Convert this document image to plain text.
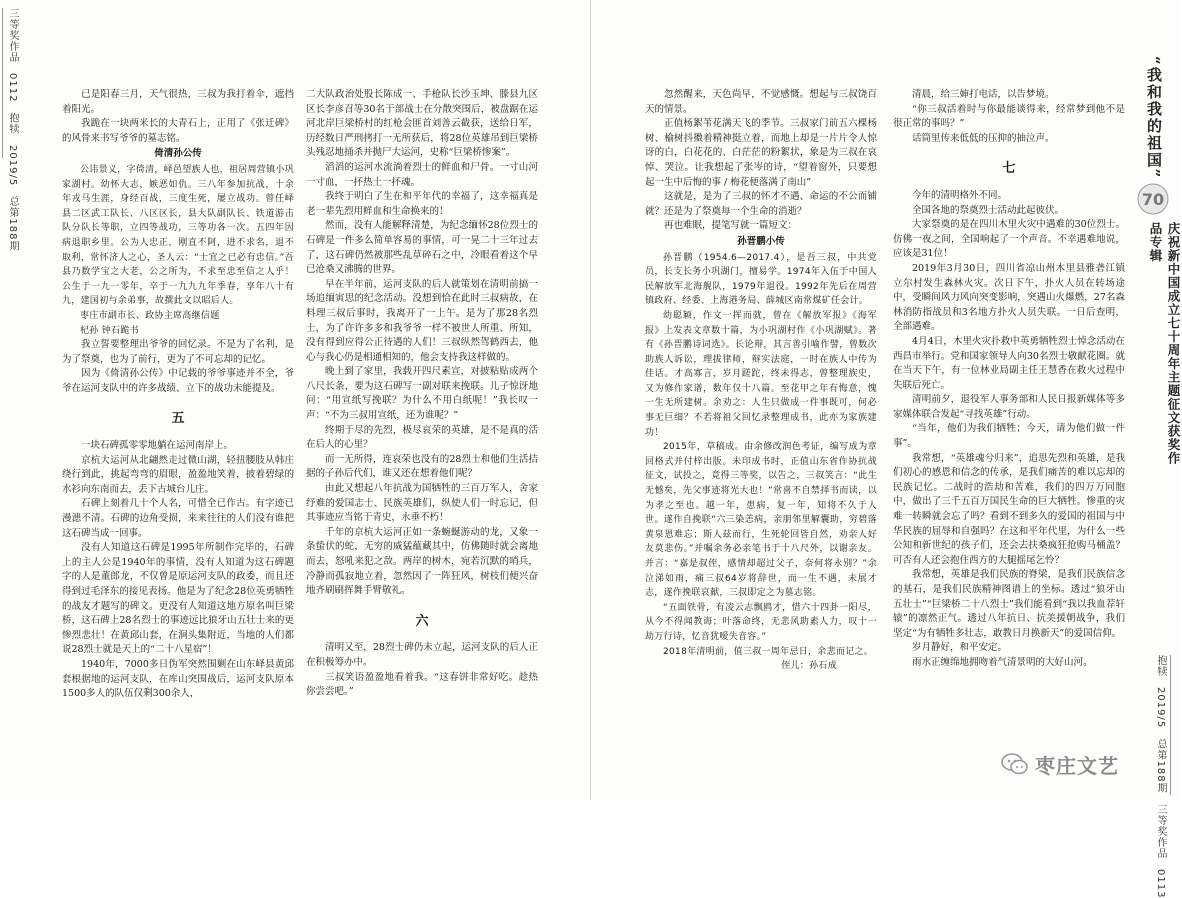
三等奖作品 0112 抱犊 2019/5 总第188期

已是阳春三月，天气很热，三叔为我打着伞，遮挡着阳光。

我跪在一块两米长的大青石上，正用了《张迁碑》的风骨来书写爷爷的墓志铭。

倚清孙公传

公讳景义，字倚清，峄邑望族人也，祖居周营镇小巩家湖村。幼怀大志，嫉恶如仇。三八年参加抗战，十余年戎马生涯，身经百战，三度生死，屡立战功。曾任峄县二区武工队长、八区区长，县大队副队长、铁道游击队分队长等职，立四等战功，三等功各一次。五四年因病退职乡里。公为人忠正，刚直不阿，进不求名，退不取利，常怀济人之心，圣人云：“士宜之已必有忠信。”吾县乃数学宝之大老，公之所为，不求至忠至信之人乎！公生于一九一零年，卒于一九九九年季春，享年八十有九，建国初与余弟事，故撰此文以昭后人。

枣庄市副市长、政协主席高继信题

杞孙 钟石跪书

我立誓要整理出爷爷的回忆录。不是为了名利，是为了祭奠，也为了前行，更为了不可忘却的记忆。

因为《倚清孙公传》中记载的爷爷事迹并不全，爷爷在运河支队中的许多战绩、立下的战功未能提及。

五

一块石碑孤零零地躺在运河南岸上。

京杭大运河从北翩然走过微山湖，轻扭腰肢从韩庄绕行到此，挑起弯弯的眉眼，盈盈地笑着，披着碧绿的水衫向东南而去，丢下古城台儿庄。

石碑上刻着几十个人名，可惜全已作古。有字迹已漫漶不清。石碑的边角受损，来来往往的人们没有谁把这石碑当成一回事。

没有人知道这石碑是1995年所制作完毕的，石碑上的主人公是1940年的事情，没有人知道为这石碑题字的人是董郎龙，不仅曾是原运河支队的政委，而且还得到过毛泽东的接见表扬。他是为了纪念28位英勇牺牲的战友才题写的碑文。更没有人知道这地方原名叫巨梁桥，这石碑上28名烈士的事迹远比狼牙山五壮士来的更惨烈悲壮！在黄邱山套，在涧头集附近，当地的人们都说28烈士就是天上的“二十八星宿”！

1940年，7000多日伪军突然围剿在山东峄县黄邱套根据地的运河支队，在库山突围战后，运河支队原本1500多人的队伍仅剩300余人，

二大队政治处股长陈成一、手枪队长沙玉坤、滕县九区区长李彦召等30名干部战士在分散突围后，被盘踞在运河北岸巨梁桥村的红枪会匪首刘善云截获，送给日军，历经数日严刑拷打一无所获后，将28位英雄吊到巨梁桥头残忍地捅杀并抛尸大运河，史称“巨梁桥惨案”。

滔滔的运河水流淌着烈士的鲜血和尸骨。一寸山河一寸血，一抔热土一抔魂。

我终于明白了生在和平年代的幸福了，这幸福真是老一辈先烈用鲜血和生命换来的！

然而，没有人能解释清楚，为纪念缅怀28位烈士的石碑是一件多么简单容易的事情，可一晃二十三年过去了，这石碑仍然被那些乱草碎石之中，冷眼看着这个早已沧桑又沸腾的世界。

早在半年前，运河支队的后人就策划在清明前搞一场追缅寅思的纪念活动。没想到恰在此时三叔病故，在料理三叔后事时，我离开了一上午。是为了那28名烈士，为了许许多多和我爷爷一样不被世人所重、所知，没有得到应得公正待遇的人们！三叔纵然驾鹤西去，他心与我心仍是相通相知的，他会支持我这样做的。

晚上到了家里，我载开四尺素宣，对披粘贴成两个八尺长条，要为这石碑写一副对联来挽联。儿子惊讶地问：“用宣纸写挽联？为什么不用白纸呢！”我长叹一声：“不为三叔用宣纸，还为谁呢？”

终期于尽的先烈，极尽哀荣的英雄，是不是真的活在后人的心里？

而一无所得，连哀荣也没有的28烈士和他们生活拮据的子孙后代们，谁又还在想着他们呢？

由此又想起八年抗战为国牺牲的三百万军人，舍家纾难的爱国志士、民族英雄们，纵使人们一时忘记，但其事迹应当铭于青史，永垂不朽！

千年的京杭大运河正如一条蜿蜒游动的龙，又象一条蛰伏的蛇，无穷的威猛蕴藏其中，仿佛随时就会离地而去，怒吼来犯之敌。两岸的树木，宛若沉默的哨兵，冷静而孤寂地立着，忽然因了一阵狂风，树枝们便兴奋地齐刷刷挥舞手臂敬礼。

六

清明又至，28烈士碑仍未立起，运河支队的后人正在积极筹办中。

三叔笑语盈盈地看着我。“这春饼非常好吃。趁热你尝尝吧。”

忽然醒来，天色尚早，不觉感慨。想起与三叔饶百天的情景。

正值杨絮苇花满天飞的季节。三叔家门前五六棵杨树、榆树抖擞着精神挺立着，而地上却是一片片令人惊讶的白，白花花的、白茫茫的粉絮状，象是为三叔在哀悼、哭泣。让我想起了张岑的诗，“望着窗外，只要想起一生中后悔的事 / 梅花便落满了南山”

这就是，是为了三叔的怀才不遇、命运的不公而铺就？还是为了祭奠每一个生命的消逝？

再也难眠，提笔写就一篇短文：

孙晋鹏小传

孙晋鹏（1954.6—2017.4），是吾三叔，中共党员，长支长务小巩湖门，擅易学。1974年入伍于中国人民解放军北海舰队，1979年退役。1992年先后在周营镇政府、经委、上海港务局、薛城区南常煤矿任会计。

幼聪颖，作文一挥而就，曾在《解放军报》《海军报》上发表文章数十篇，为小巩湖村作《小巩湖赋》。著有《孙晋鹏诗词选》。长论辩，其言善引喻作譬，曾数次助族人诉讼，理拔律师，辩实法庭，一时在族人中传为佳话。才高寡言，岁月蹉跎，终未得志，曾整理族史，又为修作家谱，数年仅十八篇。至花甲之年有悔意，愧一生无所建树。余劝之：人生只做成一件事既可，何必事无巨细？不若将祖父回忆录整理成书，此亦为家族建功！

2015年，草稿成。由余修改润色考证，编写成为章回格式并付梓出版。未印成书时，正值山东省作协抗战征文，试投之，竟得三等奖，以告之，三叔笑言：“此生无憾矣，先父事迹将光大也！”常喜不自禁择书而读，以为孝之至也。越一年，患病，复一年，知将不久于人世。遂作自挽联“六三染恙病，亲朋邻里解囊助，穷碧落黄泉恩难忘；斯人兹而行，生死轮回皆自然，劝亲人好友莫悲伤。”并嘱余务必亲笔书于十八尺外，以谢亲友。并言：“嘉是叔侄，感情却超过父子，奈何将永别？”余泣涕如雨，痛三叔64岁将辞世，而一生不遇，未展才志，遂作挽联哀献，三叔即定之为墓志铭。

“五面铁骨，有凌云志飘鸥才，惜六十四卦一阳尽，从今不得闻教诲；叶落命终，无悲风助素人力，叹十一劫万行诗，忆音犹嗳失音容。”

2018年清明前，值三叔一周年忌日，余悲而记之。

侄儿：孙石成

清晨，给三婶打电话，以告梦境。

“你三叔活着时与你最能谈得来，经常梦到他不是很正常的事吗？”

话筒里传来低低的压抑的抽泣声。

七

今年的清明格外不同。

全国各地的祭奠烈士活动此起彼伏。

大家祭奠的是在四川木里火灾中遇难的30位烈士。仿佛一夜之间，全国响起了一个声音。不幸遇难地说，应该是31位！

2019年3月30日，四川省凉山州木里县雅砻江镇立尔村发生森林火灾。次日下午，扑火人员在转场途中，受瞬间风力风向突变影响，突遇山火爆燃，27名森林消防指战员和3名地方扑火人员失联。一日后查明，全部遇难。

4月4日，木里火灾扑救中英勇牺牲烈士悼念活动在西昌市举行。党和国家领导人向30名烈士敬献花圈。就在当天下午，有一位林业局副主任王慧香在救火过程中失联后死亡。

清明前夕，退役军人事务部和人民日报新媒体等多家媒体联合发起“寻找英雄”行动。

“当年，他们为我们牺牲；今天，请为他们做一件事”。

我常想，“英雄魂兮归来”，追思先烈和英雄，是我们初心的感恩和信念的传承，是我们痛苦的难以忘却的民族记忆。二战时的浩劫和苦难，我们的四万万同胞中，做出了三千五百万国民生命的巨大牺牲。惨重的灾难一转瞬就会忘了吗？看到不到多久的爱国的祖国与中华民族的屈辱和自强吗？在这和平年代里，为什么一些公知和新世纪的孩子们，还会去扶桑疯狂抢购马桶盖？可否有人还会抱住西方的大腿摇尾乞怜？

我常想，英雄是我们民族的脊梁，是我们民族信念的基石，是我们民族精神图谱上的坐标。透过“狼牙山五壮士”“巨梁桥二十八烈士”我们能看到“我以我血荐轩辕”的凛然正气。透过八年抗日、抗美援朝战争，我们坚定“为有牺牲多壮志，敢教日月换新天”的爱国信仰。

岁月静好，和平安定。

雨水正缠绵地拥吻着气清景明的大好山河。

“我和我的祖国”
70
庆祝新中国成立七十周年主题征文获奖作品专辑
抱犊 2019/5 总第188期 三等奖作品 0113
枣庄文艺
